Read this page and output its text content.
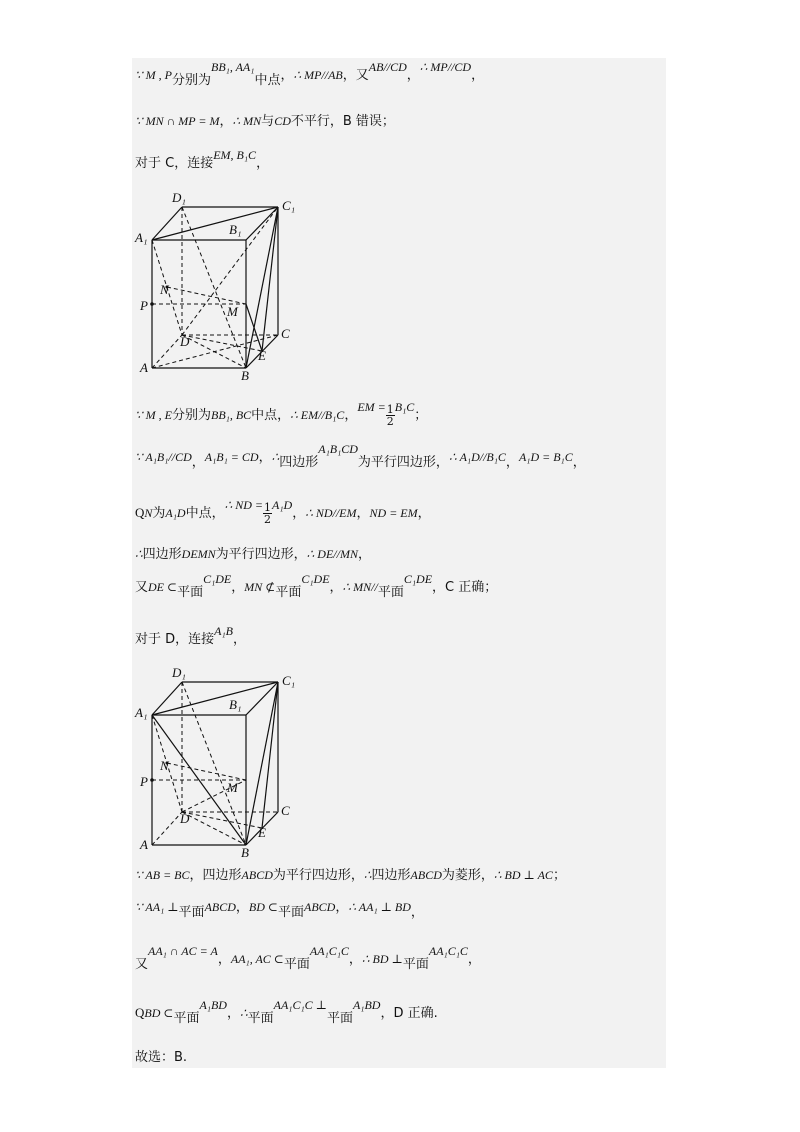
∵ M , P分别为BB₁, AA₁中点，∴ MP//AB，又AB//CD，∴ MP//CD，
∵ MN ∩ MP = M，∴ MN与CD不平行，B 错误；
对于 C，连接EM, B₁C，
∵ M , E分别为BB₁, BC中点，∴ EM//B₁C，EM = $\frac{1}{2} B_1C$；
∵ A₁B₁//CD，A₁B₁ = CD，∴四边形A₁B₁CD为平行四边形，∴ A₁D//B₁C，A₁D = B₁C，
QN为A₁D中点，∴ ND = $\frac{1}{2} A_1D$，∴ ND//EM，ND = EM，
∴四边形DEMN为平行四边形，∴ DE//MN，
又DE ⊂平面C₁DE，MN ⊄平面C₁DE，∴ MN//平面C₁DE，C 正确；
对于 D，连接A₁B，
∵ AB = BC，四边形ABCD为平行四边形，∴四边形ABCD为菱形，∴ BD ⊥ AC；
∵ AA₁ ⊥平面ABCD，BD ⊂平面ABCD，∴ AA₁ ⊥ BD，
又AA₁ ∩ AC = A，AA₁, AC ⊂平面AA₁C₁C，∴ BD ⊥平面AA₁C₁C，
QBD ⊂平面A₁BD，∴平面AA₁C₁C ⊥平面A₁BD，D 正确.
故选：B.
D₁
C₁
A₁
B₁
N
P	M
C
D
E
A
B
D₁
C₁
A₁
B₁
N
P	M
C
D
E
A
B
